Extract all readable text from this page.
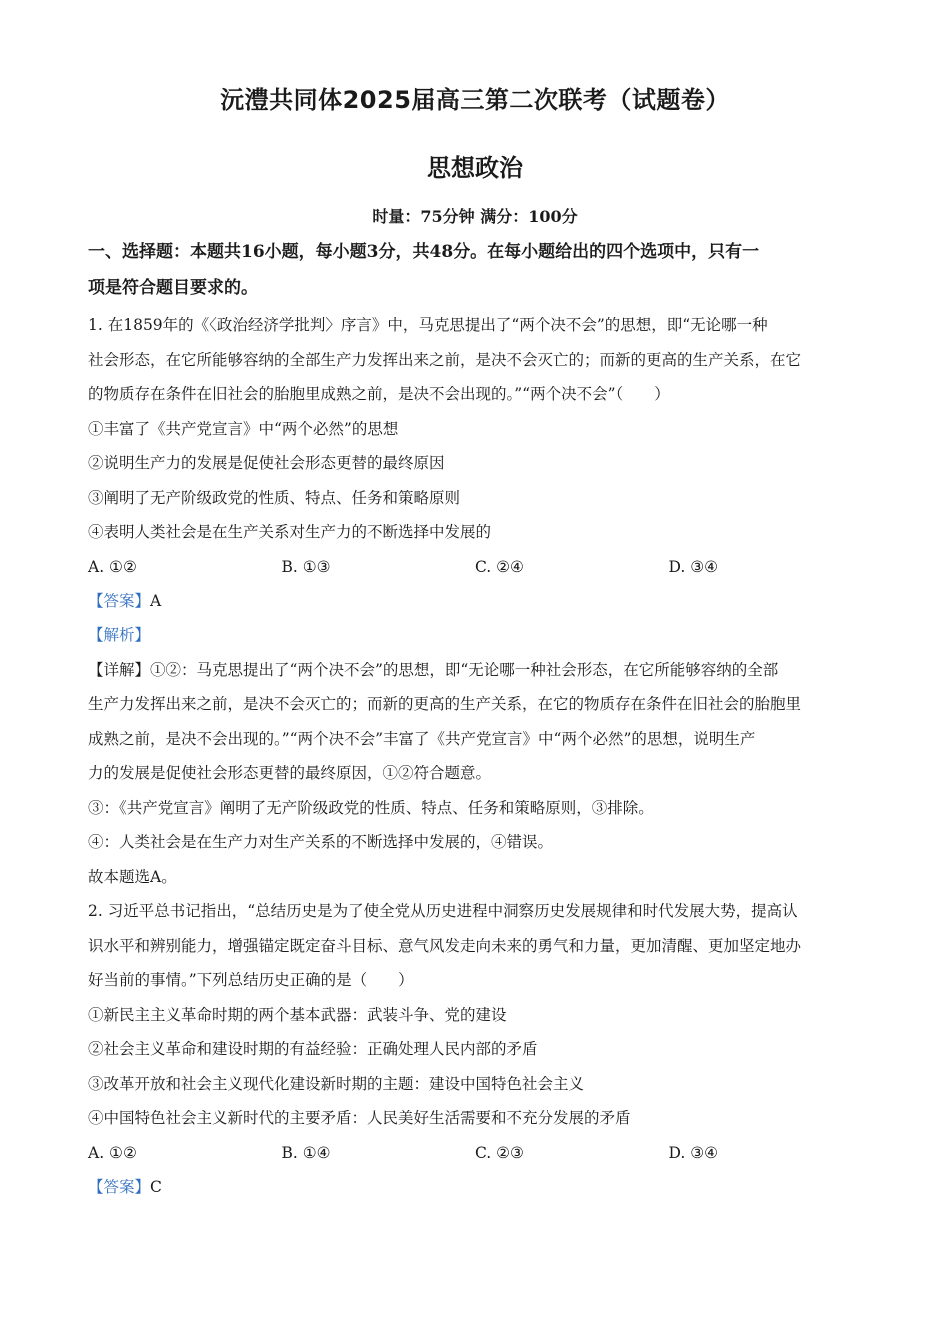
沅澧共同体2025届高三第二次联考（试题卷）
思想政治
时量：75分钟 满分：100分
一、选择题：本题共16小题，每小题3分，共48分。在每小题给出的四个选项中，只有一
项是符合题目要求的。
1. 在1859年的《〈政治经济学批判〉序言》中，马克思提出了“两个决不会”的思想，即“无论哪一种
社会形态，在它所能够容纳的全部生产力发挥出来之前，是决不会灭亡的；而新的更高的生产关系，在它
的物质存在条件在旧社会的胎胞里成熟之前，是决不会出现的。”“两个决不会”（　　）
①丰富了《共产党宣言》中“两个必然”的思想
②说明生产力的发展是促使社会形态更替的最终原因
③阐明了无产阶级政党的性质、特点、任务和策略原则
④表明人类社会是在生产关系对生产力的不断选择中发展的
A. ①②	B. ①③	C. ②④	D. ③④
【答案】A
【解析】
【详解】①②：马克思提出了“两个决不会”的思想，即“无论哪一种社会形态，在它所能够容纳的全部
生产力发挥出来之前，是决不会灭亡的；而新的更高的生产关系，在它的物质存在条件在旧社会的胎胞里
成熟之前，是决不会出现的。”“两个决不会”丰富了《共产党宣言》中“两个必然”的思想，说明生产
力的发展是促使社会形态更替的最终原因，①②符合题意。
③：《共产党宣言》阐明了无产阶级政党的性质、特点、任务和策略原则，③排除。
④：人类社会是在生产力对生产关系的不断选择中发展的，④错误。
故本题选A。
2. 习近平总书记指出，“总结历史是为了使全党从历史进程中洞察历史发展规律和时代发展大势，提高认
识水平和辨别能力，增强锚定既定奋斗目标、意气风发走向未来的勇气和力量，更加清醒、更加坚定地办
好当前的事情。”下列总结历史正确的是（　　）
①新民主主义革命时期的两个基本武器：武装斗争、党的建设
②社会主义革命和建设时期的有益经验：正确处理人民内部的矛盾
③改革开放和社会主义现代化建设新时期的主题：建设中国特色社会主义
④中国特色社会主义新时代的主要矛盾：人民美好生活需要和不充分发展的矛盾
A. ①②	B. ①④	C. ②③	D. ③④
【答案】C
